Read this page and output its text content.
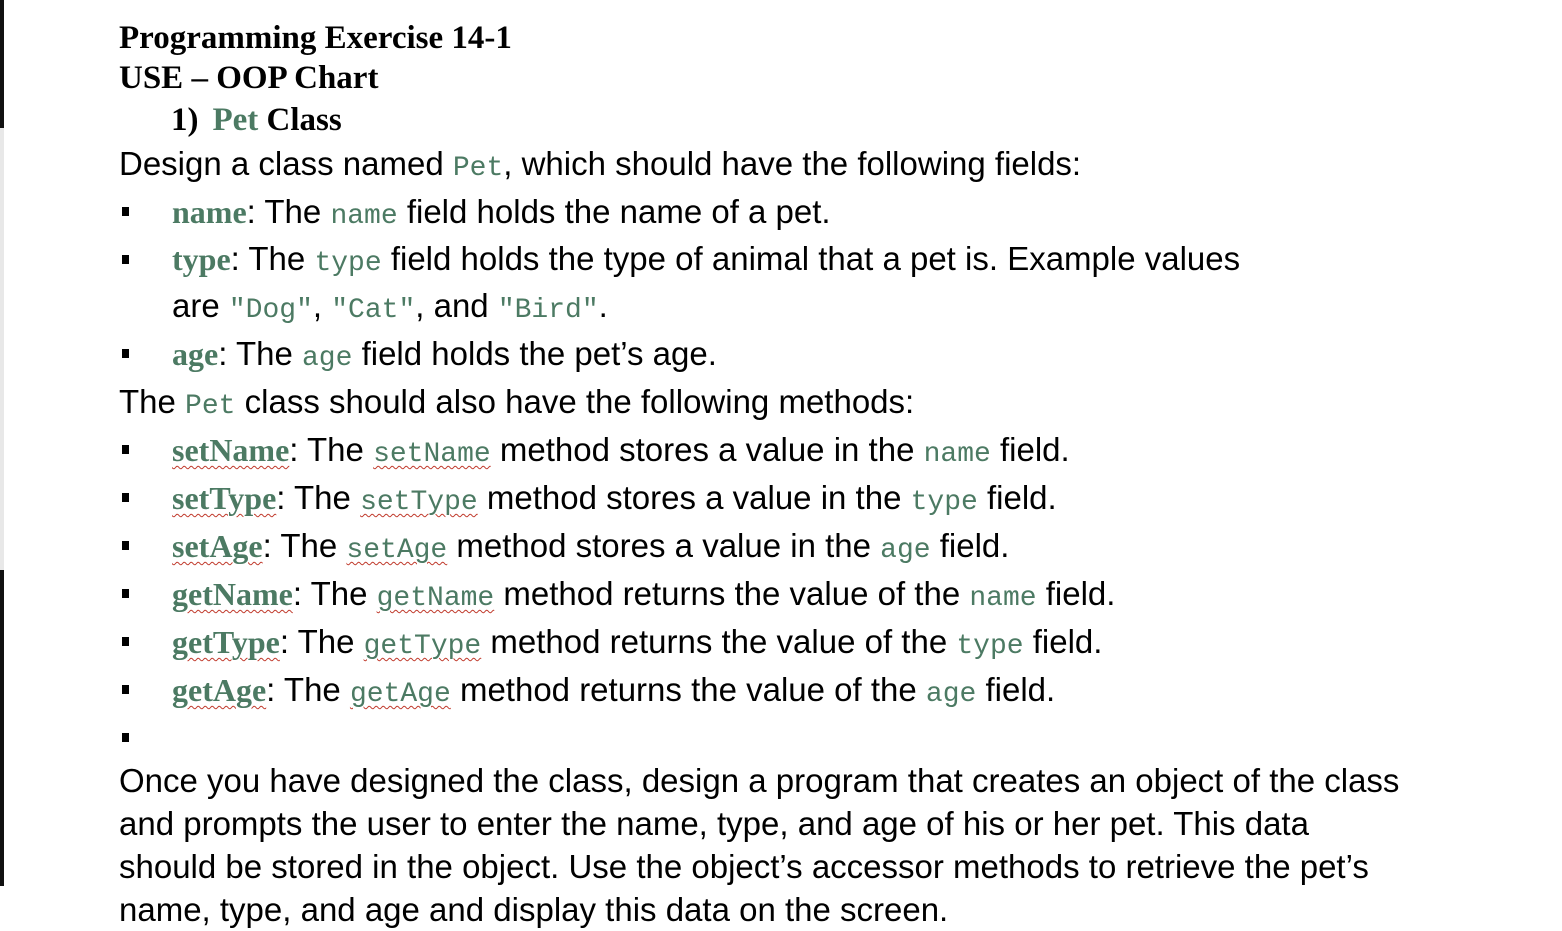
Programming Exercise 14-1

USE – OOP Chart

1) Pet Class

Design a class named Pet, which should have the following fields:

name: The name field holds the name of a pet.
type: The type field holds the type of animal that a pet is. Example values
are "Dog", "Cat", and "Bird".
age: The age field holds the pet’s age.

The Pet class should also have the following methods:

setName: The setName method stores a value in the name field.
setType: The setType method stores a value in the type field.
setAge: The setAge method stores a value in the age field.
getName: The getName method returns the value of the name field.
getType: The getType method returns the value of the type field.
getAge: The getAge method returns the value of the age field.

Once you have designed the class, design a program that creates an object of the class

and prompts the user to enter the name, type, and age of his or her pet. This data

should be stored in the object. Use the object’s accessor methods to retrieve the pet’s

name, type, and age and display this data on the screen.
